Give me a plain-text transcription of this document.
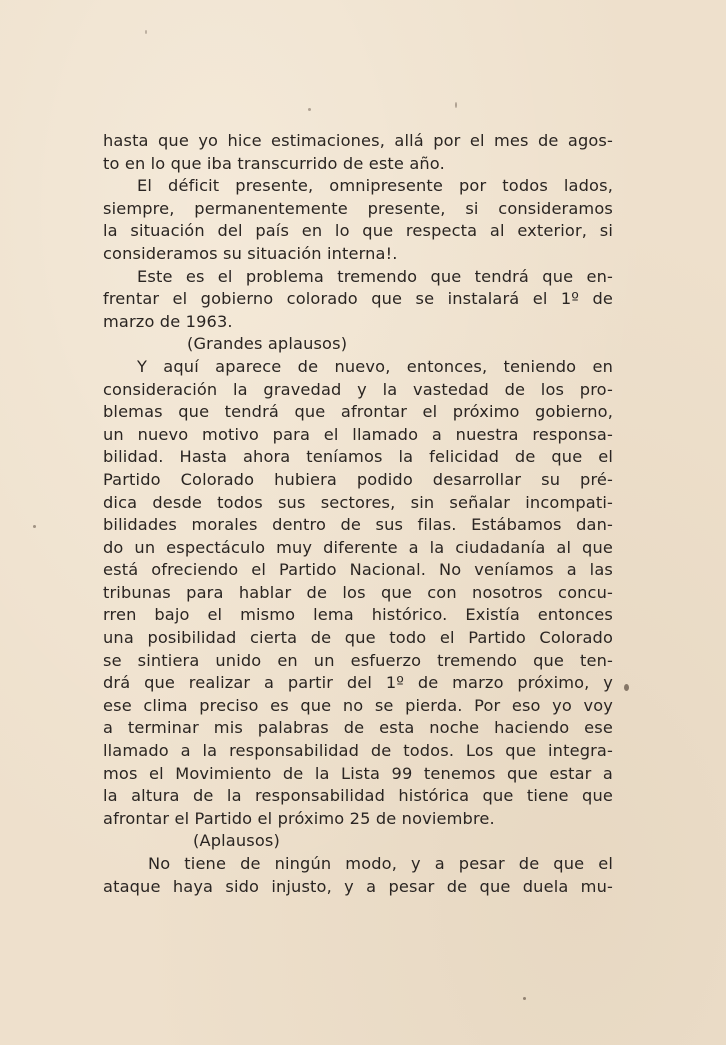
hasta que yo hice estimaciones, allá por el mes de agos-
to en lo que iba transcurrido de este año.
El déficit presente, omnipresente por todos lados,
siempre, permanentemente presente, si consideramos
la situación del país en lo que respecta al exterior, si
consideramos su situación interna!.
Este es el problema tremendo que tendrá que en-
frentar el gobierno colorado que se instalará el 1º de
marzo de 1963.
(Grandes aplausos)
Y aquí aparece de nuevo, entonces, teniendo en
consideración la gravedad y la vastedad de los pro-
blemas que tendrá que afrontar el próximo gobierno,
un nuevo motivo para el llamado a nuestra responsa-
bilidad. Hasta ahora teníamos la felicidad de que el
Partido Colorado hubiera podido desarrollar su pré-
dica desde todos sus sectores, sin señalar incompati-
bilidades morales dentro de sus filas. Estábamos dan-
do un espectáculo muy diferente a la ciudadanía al que
está ofreciendo el Partido Nacional. No veníamos a las
tribunas para hablar de los que con nosotros concu-
rren bajo el mismo lema histórico. Existía entonces
una posibilidad cierta de que todo el Partido Colorado
se sintiera unido en un esfuerzo tremendo que ten-
drá que realizar a partir del 1º de marzo próximo, y
ese clima preciso es que no se pierda. Por eso yo voy
a terminar mis palabras de esta noche haciendo ese
llamado a la responsabilidad de todos. Los que integra-
mos el Movimiento de la Lista 99 tenemos que estar a
la altura de la responsabilidad histórica que tiene que
afrontar el Partido el próximo 25 de noviembre.
(Aplausos)
No tiene de ningún modo, y a pesar de que el
ataque haya sido injusto, y a pesar de que duela mu-
